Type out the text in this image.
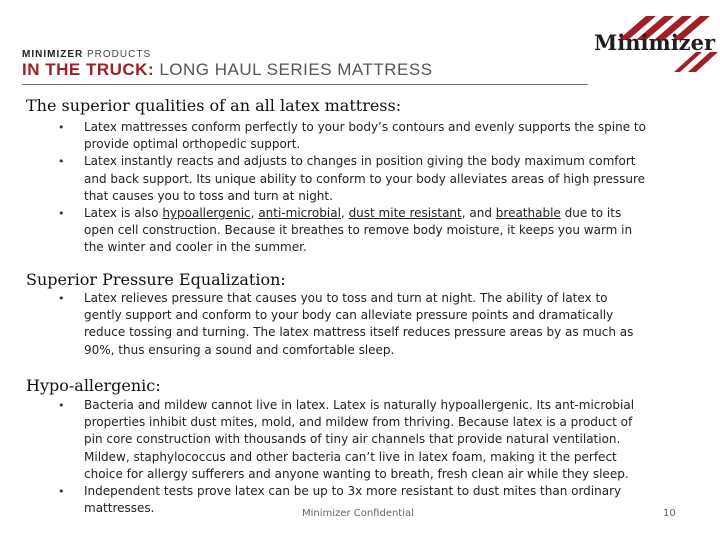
MINIMIZER PRODUCTS
IN THE TRUCK: LONG HAUL SERIES MATTRESS
Minimizer
The superior qualities of an all latex mattress:
• Latex mattresses conform perfectly to your body’s contours and evenly supports the spine to provide optimal orthopedic support.
• Latex instantly reacts and adjusts to changes in position giving the body maximum comfort and back support. Its unique ability to conform to your body alleviates areas of high pressure that causes you to toss and turn at night.
• Latex is also hypoallergenic, anti-microbial, dust mite resistant, and breathable due to its open cell construction. Because it breathes to remove body moisture, it keeps you warm in the winter and cooler in the summer.
Superior Pressure Equalization:
• Latex relieves pressure that causes you to toss and turn at night. The ability of latex to gently support and conform to your body can alleviate pressure points and dramatically reduce tossing and turning. The latex mattress itself reduces pressure areas by as much as 90%, thus ensuring a sound and comfortable sleep.
Hypo-allergenic:
• Bacteria and mildew cannot live in latex. Latex is naturally hypoallergenic. Its ant-microbial properties inhibit dust mites, mold, and mildew from thriving. Because latex is a product of pin core construction with thousands of tiny air channels that provide natural ventilation. Mildew, staphylococcus and other bacteria can’t live in latex foam, making it the perfect choice for allergy sufferers and anyone wanting to breath, fresh clean air while they sleep.
• Independent tests prove latex can be up to 3x more resistant to dust mites than ordinary mattresses.	Minimizer Confidential	10
